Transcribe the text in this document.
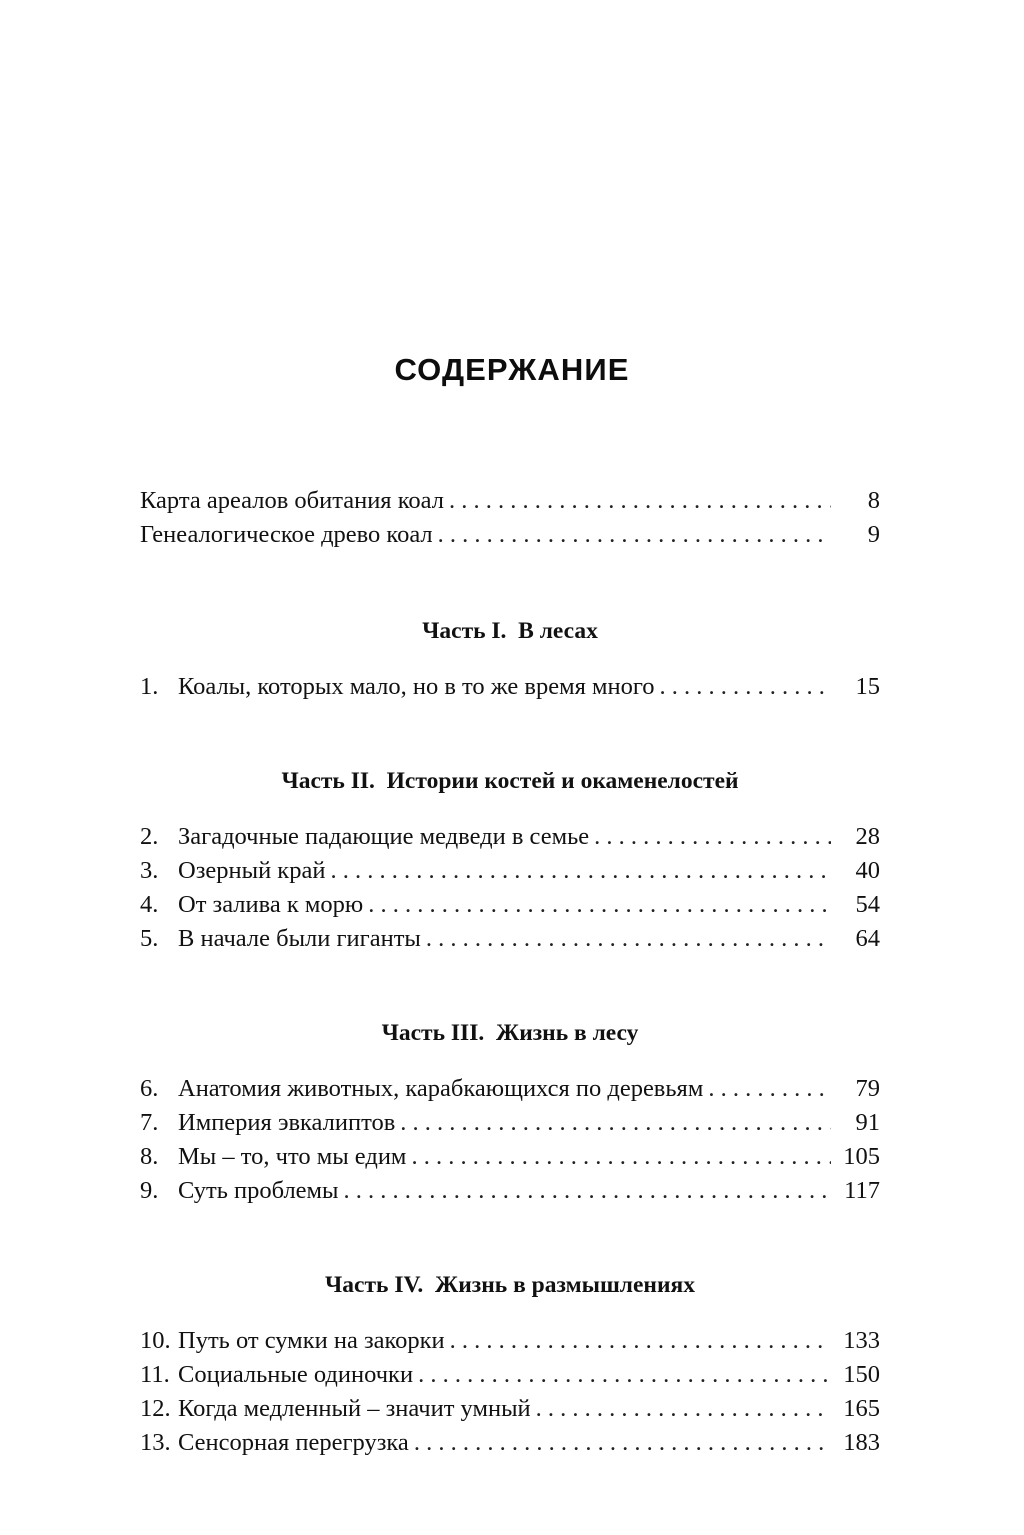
СОДЕРЖАНИЕ
Карта ареалов обитания коал . . .	8
Генеалогическое древо коал . . .	9
Часть I.  В лесах
1. Коалы, которых мало, но в то же время много . . .	15
Часть II.  Истории костей и окаменелостей
2. Загадочные падающие медведи в семье . . .	28
3. Озерный край . . .	40
4. От залива к морю . . .	54
5. В начале были гиганты . . .	64
Часть III.  Жизнь в лесу
6. Анатомия животных, карабкающихся по деревьям . . .	79
7. Империя эвкалиптов . . .	91
8. Мы – то, что мы едим . . .	105
9. Суть проблемы . . .	117
Часть IV.  Жизнь в размышлениях
10. Путь от сумки на закорки . . .	133
11. Социальные одиночки . . .	150
12. Когда медленный – значит умный . . .	165
13. Сенсорная перегрузка . . .	183
